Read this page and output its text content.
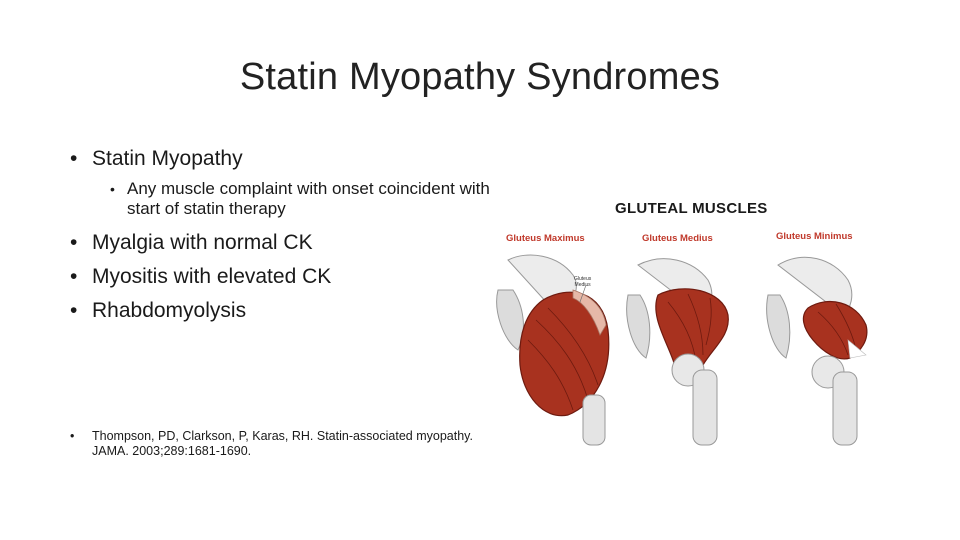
Statin Myopathy Syndromes

• Statin Myopathy

• Any muscle complaint with onset coincident with start of statin therapy

• Myalgia with normal CK

• Myositis with elevated CK

• Rhabdomyolysis

• Thompson, PD, Clarkson, P, Karas, RH. Statin-associated myopathy. JAMA. 2003;289:1681-1690.
GLUTEAL MUSCLES
Gluteus Maximus	Gluteus Medius	Gluteus Minimus
Gluteus
Medius
